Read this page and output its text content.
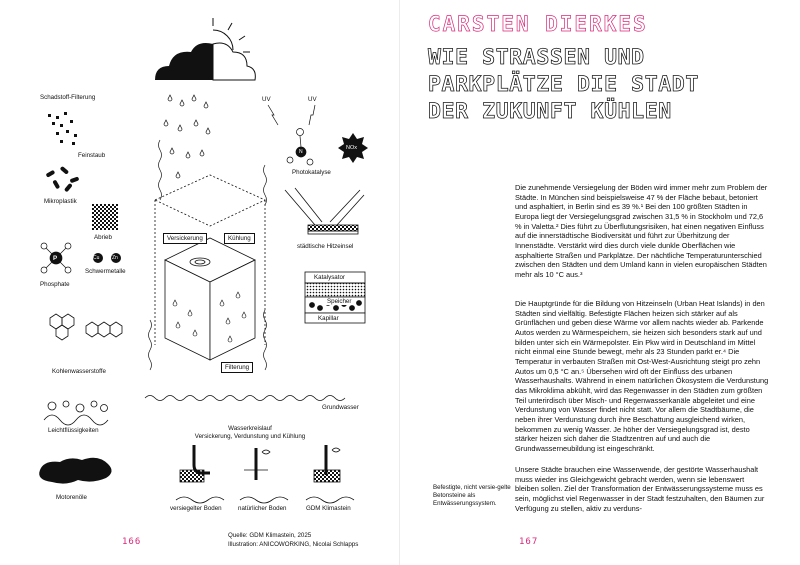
Schadstoff-Filterung
Feinstaub
Mikroplastik
Abrieb
P	Cu	Zn
Phosphate
Schwermetalle
Kohlenwasserstoffe
Leichtflüssigkeiten
Motorenöle
UV	UV
N
NOx
Photokatalyse
städtische Hitzeinsel
Katalysator
Speicher
Kapillar
Versickerung	Kühlung
Filterung
Grundwasser
Wasserkreislauf
Versickerung, Verdunstung und Kühlung
versiegelter Boden	natürlicher Boden	GDM Klimastein
Quelle: GDM Klimastein, 2025
Illustration: ANICOWORKING, Nicolai Schlapps
166
CARSTEN DIERKES
WIE STRASSEN UND
PARKPLÄTZE DIE STADT
DER ZUKUNFT KÜHLEN
Befestigte, nicht versie-gelte Betonsteine als Entwässerungssystem.
Die zunehmende Versiegelung der Böden wird immer mehr zum Problem der Städte. In München sind beispielsweise 47 % der Fläche bebaut, betoniert und asphaltiert, in Berlin sind es 39 %.¹ Bei den 100 größten Städten in Europa liegt der Versiegelungsgrad zwischen 31,5 % in Stockholm und 72,6 % in Valetta.² Dies führt zu Überflutungsrisiken, hat einen negativen Einfluss auf die innerstädtische Biodiversität und führt zur Überhitzung der Innenstädte. Verstärkt wird dies durch viele dunkle Oberflächen wie asphaltierte Straßen und Parkplätze. Der nächtliche Temperaturunterschied zwischen den Städten und dem Umland kann in vielen europäischen Städten mehr als 10 °C aus.³
Die Hauptgründe für die Bildung von Hitzeinseln (Urban Heat Islands) in den Städten sind vielfältig. Befestigte Flächen heizen sich stärker auf als Grünflächen und geben diese Wärme vor allem nachts wieder ab. Parkende Autos werden zu Wärmespeichern, sie heizen sich besonders stark auf und bilden unter sich ein Wärmepolster. Ein Pkw wird in Deutschland im Mittel nicht einmal eine Stunde bewegt, mehr als 23 Stunden parkt er.⁴ Die Temperatur in verbauten Straßen mit Ost-West-Ausrichtung steigt pro zehn Autos um 0,5 °C an.⁵ Übersehen wird oft der Einfluss des urbanen Wasserhaushalts. Während in einem natürlichen Ökosystem die Verdunstung das Mikroklima abkühlt, wird das Regenwasser in den Städten zum größten Teil unterirdisch über Misch- und Regenwasserkanäle abgeleitet und eine Verdunstung von Wasser findet nicht statt. Vor allem die Stadtbäume, die neben ihrer Verdunstung durch ihre Beschattung ausgleichend wirken, bekommen zu wenig Wasser. Je höher der Versiegelungsgrad ist, desto stärker heizen sich daher die Stadtzentren auf und auch die Grundwasserneubildung ist eingeschränkt.
Unsere Städte brauchen eine Wasserwende, der gestörte Wasserhaushalt muss wieder ins Gleichgewicht gebracht werden, wenn sie lebenswert bleiben sollen. Ziel der Transformation der Entwässerungssysteme muss es sein, möglichst viel Regenwasser in der Stadt festzuhalten, den Bäumen zur Verfügung zu stellen, aktiv zu verduns-
167
